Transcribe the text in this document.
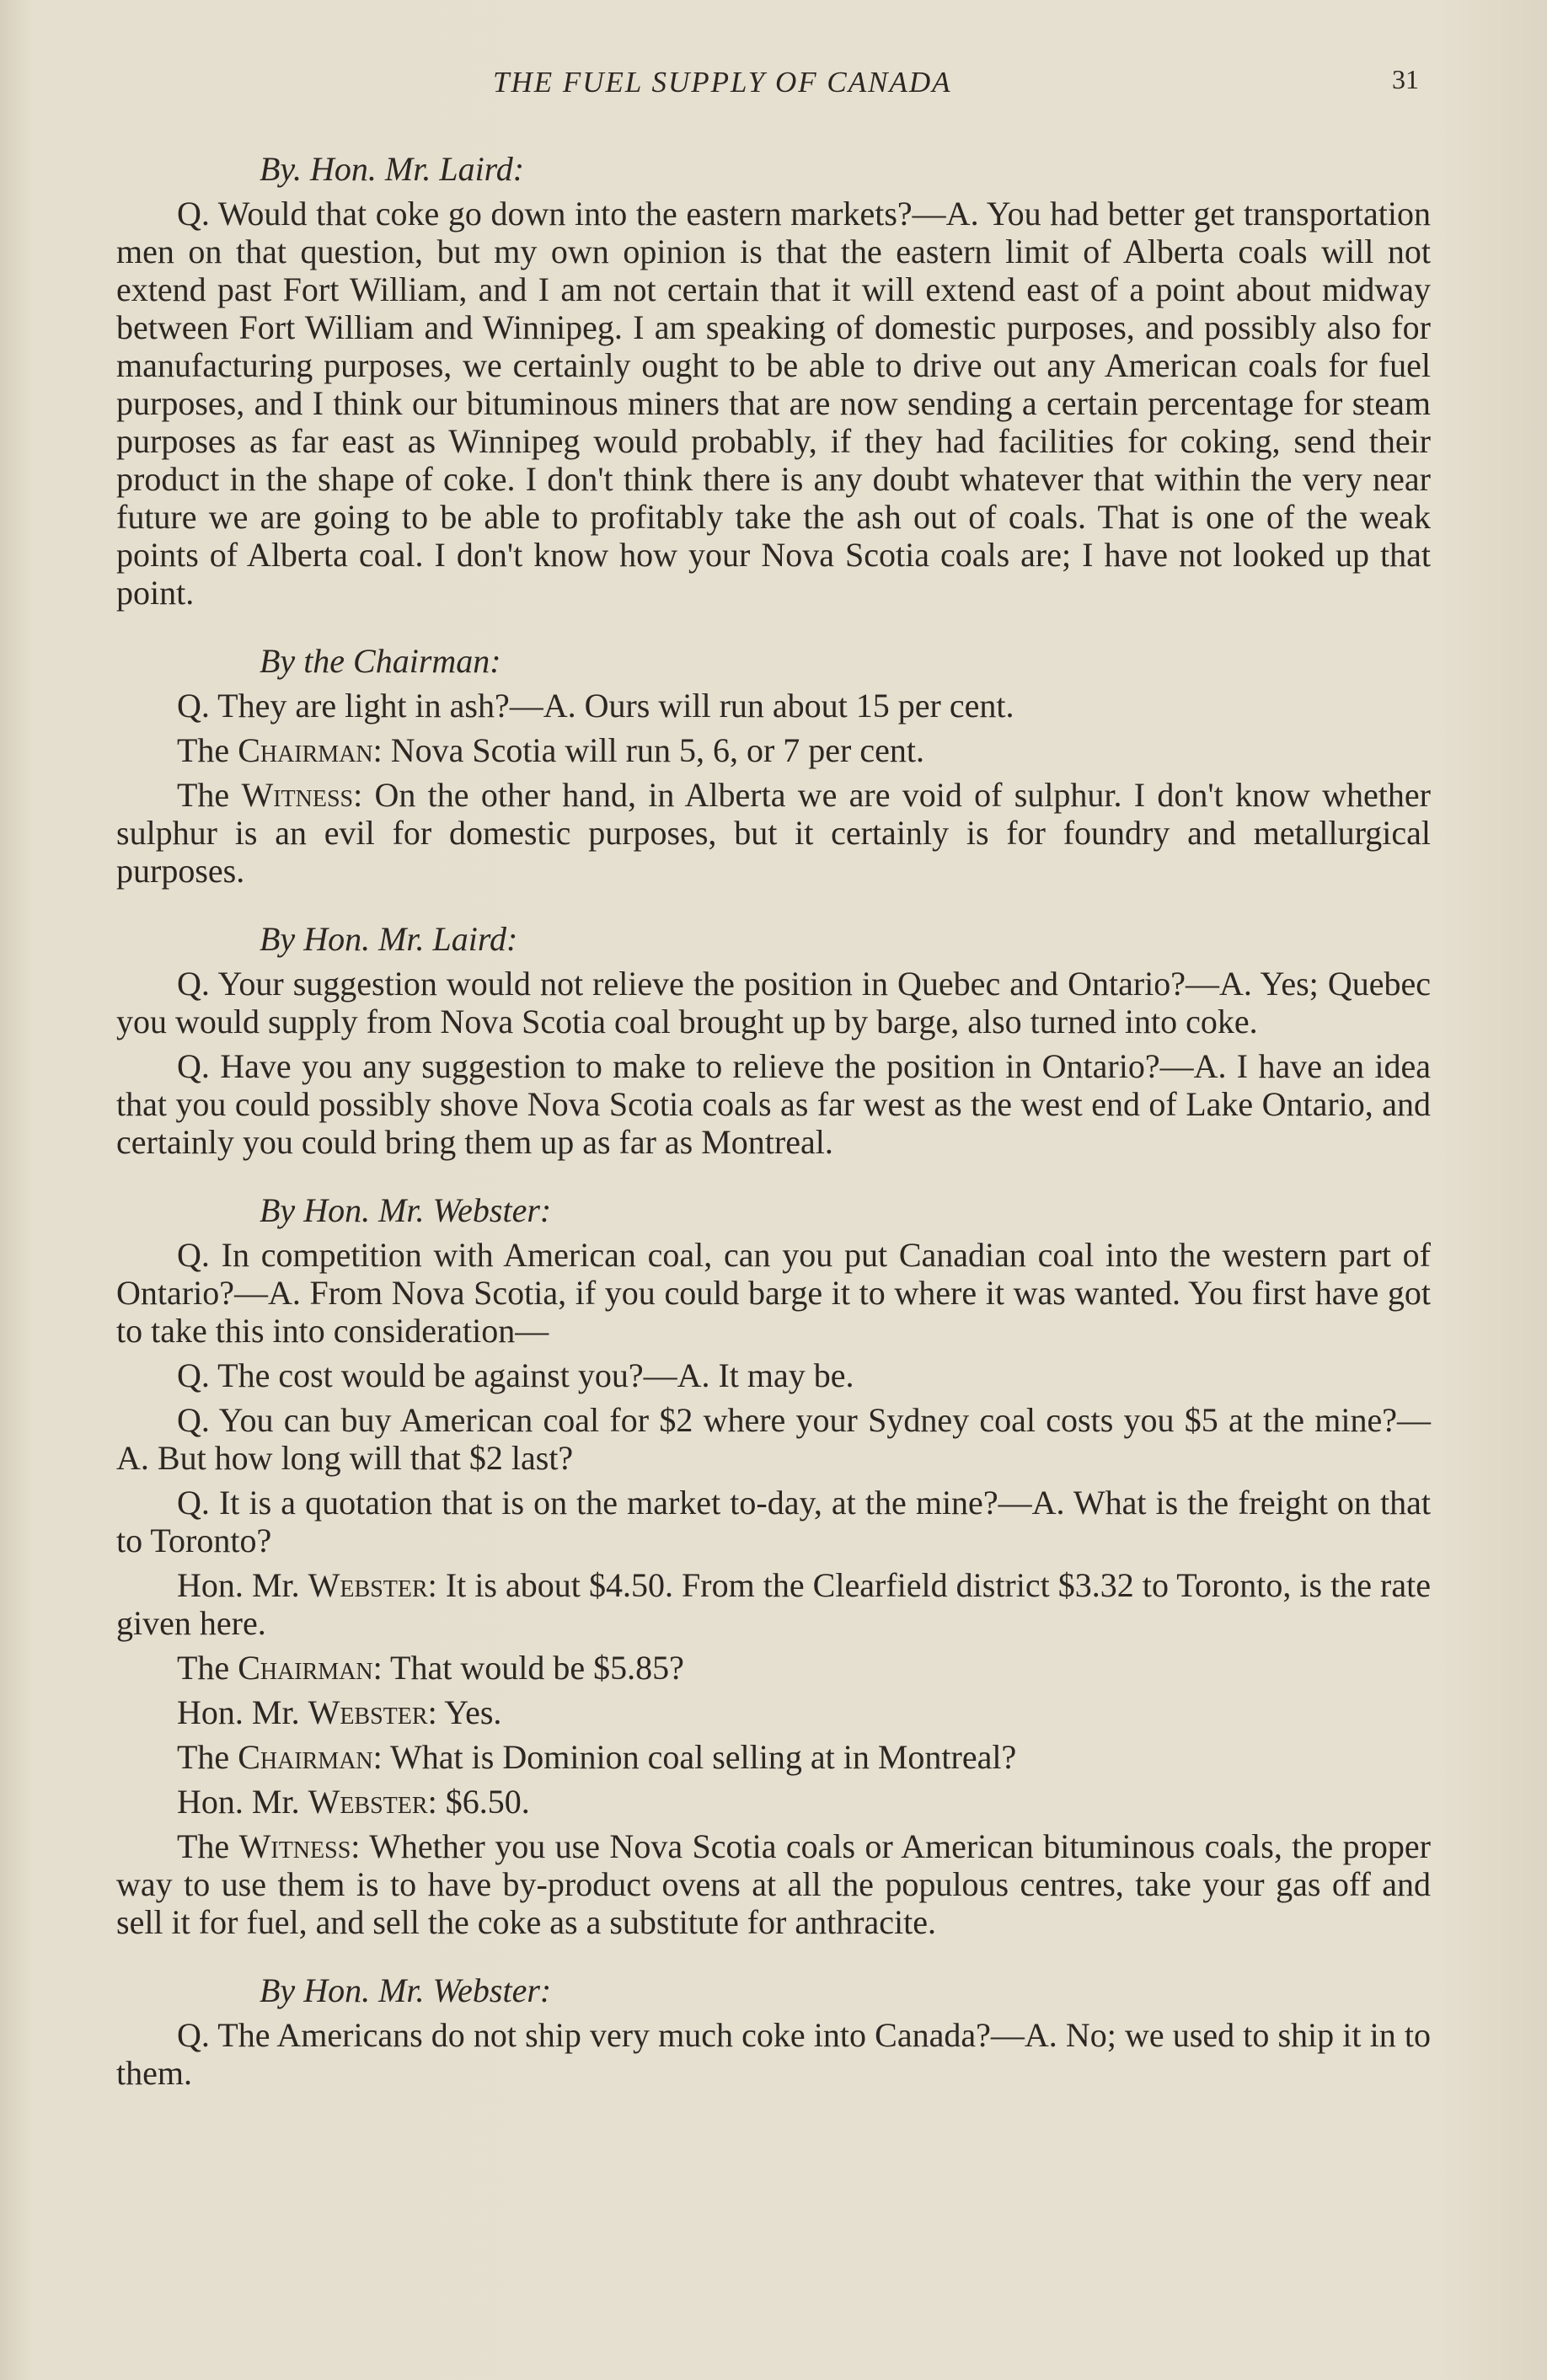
THE FUEL SUPPLY OF CANADA	31

By. Hon. Mr. Laird:

Q. Would that coke go down into the eastern markets?—A. You had better get transportation men on that question, but my own opinion is that the eastern limit of Alberta coals will not extend past Fort William, and I am not certain that it will extend east of a point about midway between Fort William and Winnipeg. I am speaking of domestic purposes, and possibly also for manufacturing purposes, we certainly ought to be able to drive out any American coals for fuel purposes, and I think our bituminous miners that are now sending a certain percentage for steam purposes as far east as Winnipeg would probably, if they had facilities for coking, send their product in the shape of coke. I don't think there is any doubt whatever that within the very near future we are going to be able to profitably take the ash out of coals. That is one of the weak points of Alberta coal. I don't know how your Nova Scotia coals are; I have not looked up that point.

By the Chairman:

Q. They are light in ash?—A. Ours will run about 15 per cent.

The Chairman: Nova Scotia will run 5, 6, or 7 per cent.

The Witness: On the other hand, in Alberta we are void of sulphur. I don't know whether sulphur is an evil for domestic purposes, but it certainly is for foundry and metallurgical purposes.

By Hon. Mr. Laird:

Q. Your suggestion would not relieve the position in Quebec and Ontario?—A. Yes; Quebec you would supply from Nova Scotia coal brought up by barge, also turned into coke.

Q. Have you any suggestion to make to relieve the position in Ontario?—A. I have an idea that you could possibly shove Nova Scotia coals as far west as the west end of Lake Ontario, and certainly you could bring them up as far as Montreal.

By Hon. Mr. Webster:

Q. In competition with American coal, can you put Canadian coal into the western part of Ontario?—A. From Nova Scotia, if you could barge it to where it was wanted. You first have got to take this into consideration—

Q. The cost would be against you?—A. It may be.

Q. You can buy American coal for $2 where your Sydney coal costs you $5 at the mine?—A. But how long will that $2 last?

Q. It is a quotation that is on the market to-day, at the mine?—A. What is the freight on that to Toronto?

Hon. Mr. Webster: It is about $4.50. From the Clearfield district $3.32 to Toronto, is the rate given here.

The Chairman: That would be $5.85?

Hon. Mr. Webster: Yes.

The Chairman: What is Dominion coal selling at in Montreal?

Hon. Mr. Webster: $6.50.

The Witness: Whether you use Nova Scotia coals or American bituminous coals, the proper way to use them is to have by-product ovens at all the populous centres, take your gas off and sell it for fuel, and sell the coke as a substitute for anthracite.

By Hon. Mr. Webster:

Q. The Americans do not ship very much coke into Canada?—A. No; we used to ship it in to them.
